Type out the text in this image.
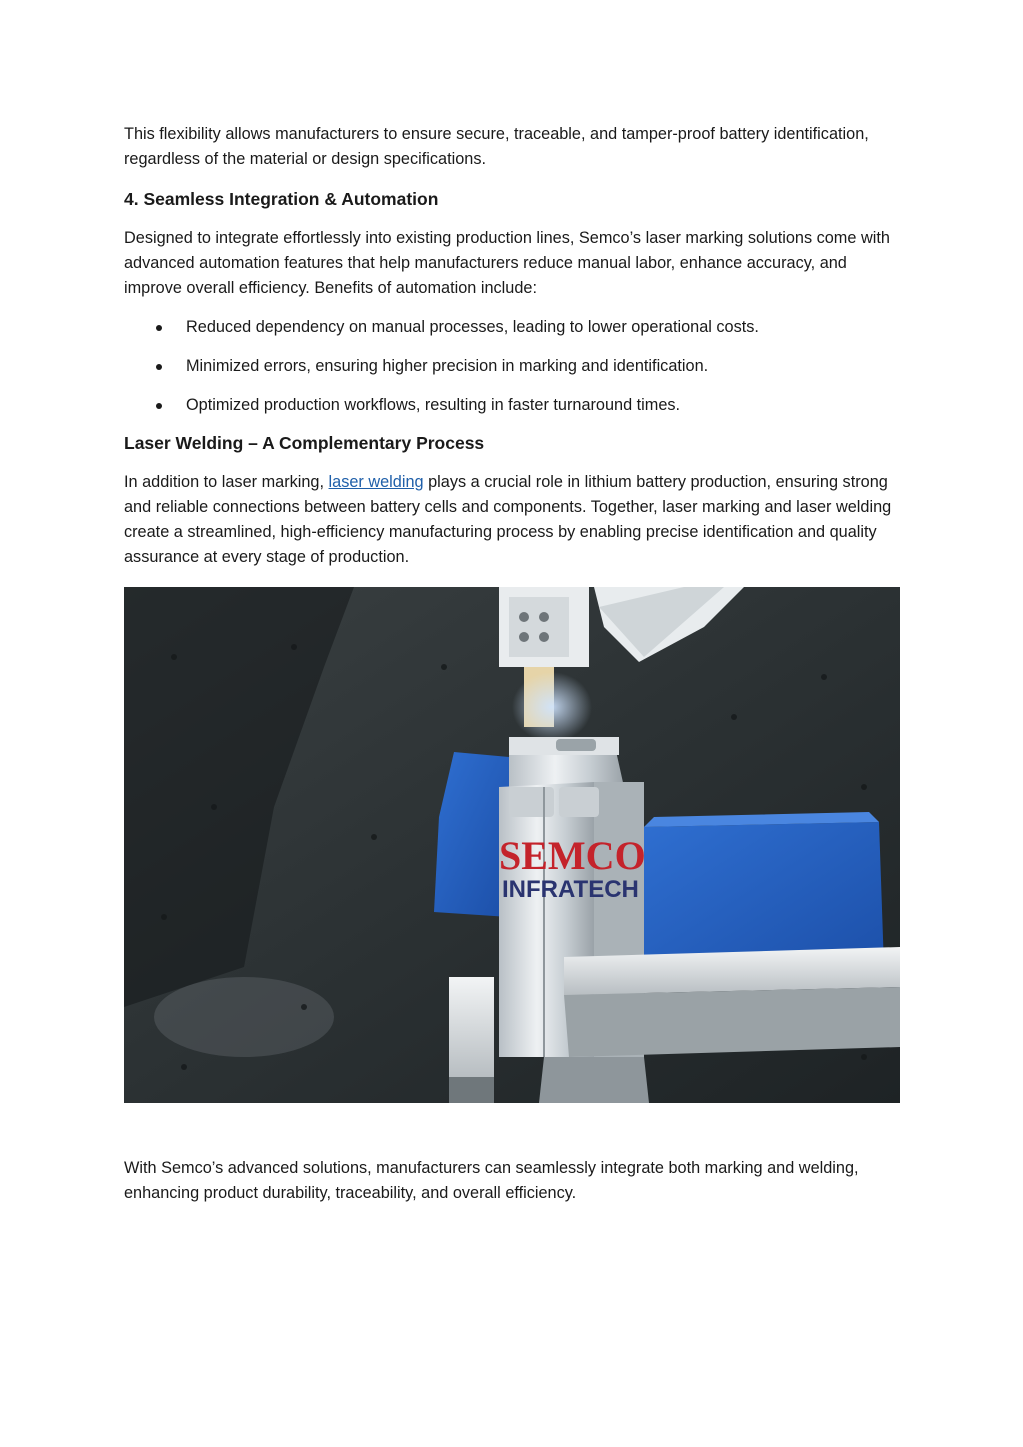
This flexibility allows manufacturers to ensure secure, traceable, and tamper-proof battery identification, regardless of the material or design specifications.

4. Seamless Integration & Automation

Designed to integrate effortlessly into existing production lines, Semco’s laser marking solutions come with advanced automation features that help manufacturers reduce manual labor, enhance accuracy, and improve overall efficiency. Benefits of automation include:

Reduced dependency on manual processes, leading to lower operational costs.
Minimized errors, ensuring higher precision in marking and identification.
Optimized production workflows, resulting in faster turnaround times.
Laser Welding – A Complementary Process

In addition to laser marking, laser welding plays a crucial role in lithium battery production, ensuring strong and reliable connections between battery cells and components. Together, laser marking and laser welding create a streamlined, high-efficiency manufacturing process by enabling precise identification and quality assurance at every stage of production.

SEMCO
INFRATECH

With Semco’s advanced solutions, manufacturers can seamlessly integrate both marking and welding, enhancing product durability, traceability, and overall efficiency.
